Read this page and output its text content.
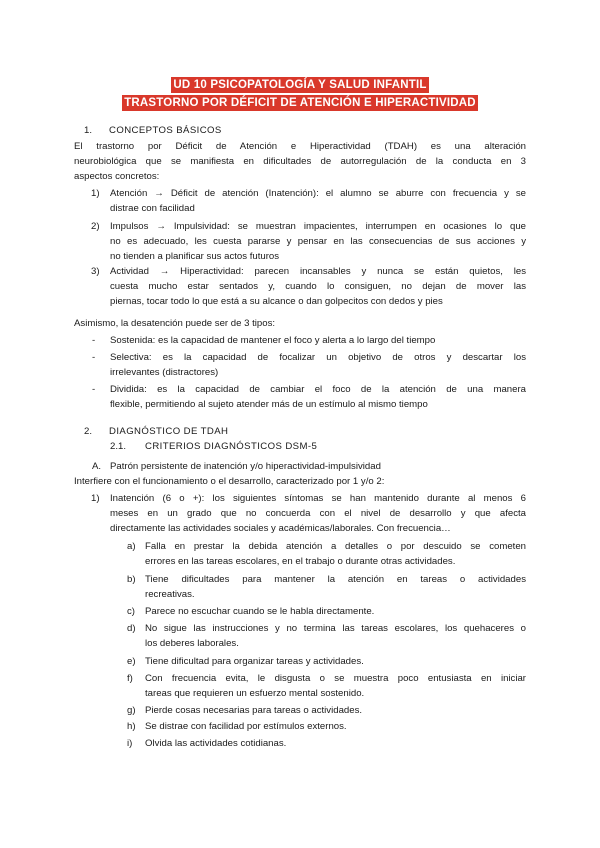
UD 10 PSICOPATOLOGÍA Y SALUD INFANTIL
TRASTORNO POR DÉFICIT DE ATENCIÓN E HIPERACTIVIDAD
1. CONCEPTOS BÁSICOS
El trastorno por Déficit de Atención e Hiperactividad (TDAH) es una alteración
neurobiológica que se manifiesta en dificultades de autorregulación de la conducta en 3
aspectos concretos:
1) Atención → Déficit de atención (Inatención): el alumno se aburre con frecuencia y se
distrae con facilidad
2) Impulsos → Impulsividad: se muestran impacientes, interrumpen en ocasiones lo que
no es adecuado, les cuesta pararse y pensar en las consecuencias de sus acciones y
no tienden a planificar sus actos futuros
3) Actividad → Hiperactividad: parecen incansables y nunca se están quietos, les
cuesta mucho estar sentados y, cuando lo consiguen, no dejan de mover las
piernas, tocar todo lo que está a su alcance o dan golpecitos con dedos y pies
Asimismo, la desatención puede ser de 3 tipos:
- Sostenida: es la capacidad de mantener el foco y alerta a lo largo del tiempo
- Selectiva: es la capacidad de focalizar un objetivo de otros y descartar los
irrelevantes (distractores)
- Dividida: es la capacidad de cambiar el foco de la atención de una manera
flexible, permitiendo al sujeto atender más de un estímulo al mismo tiempo
2. DIAGNÓSTICO DE TDAH
2.1. CRITERIOS DIAGNÓSTICOS DSM-5
A. Patrón persistente de inatención y/o hiperactividad-impulsividad
Interfiere con el funcionamiento o el desarrollo, caracterizado por 1 y/o 2:
1) Inatención (6 o +): los siguientes síntomas se han mantenido durante al menos 6
meses en un grado que no concuerda con el nivel de desarrollo y que afecta
directamente las actividades sociales y académicas/laborales. Con frecuencia…
a) Falla en prestar la debida atención a detalles o por descuido se cometen
errores en las tareas escolares, en el trabajo o durante otras actividades.
b) Tiene dificultades para mantener la atención en tareas o actividades
recreativas.
c) Parece no escuchar cuando se le habla directamente.
d) No sigue las instrucciones y no termina las tareas escolares, los quehaceres o
los deberes laborales.
e) Tiene dificultad para organizar tareas y actividades.
f) Con frecuencia evita, le disgusta o se muestra poco entusiasta en iniciar
tareas que requieren un esfuerzo mental sostenido.
g) Pierde cosas necesarias para tareas o actividades.
h) Se distrae con facilidad por estímulos externos.
i) Olvida las actividades cotidianas.
